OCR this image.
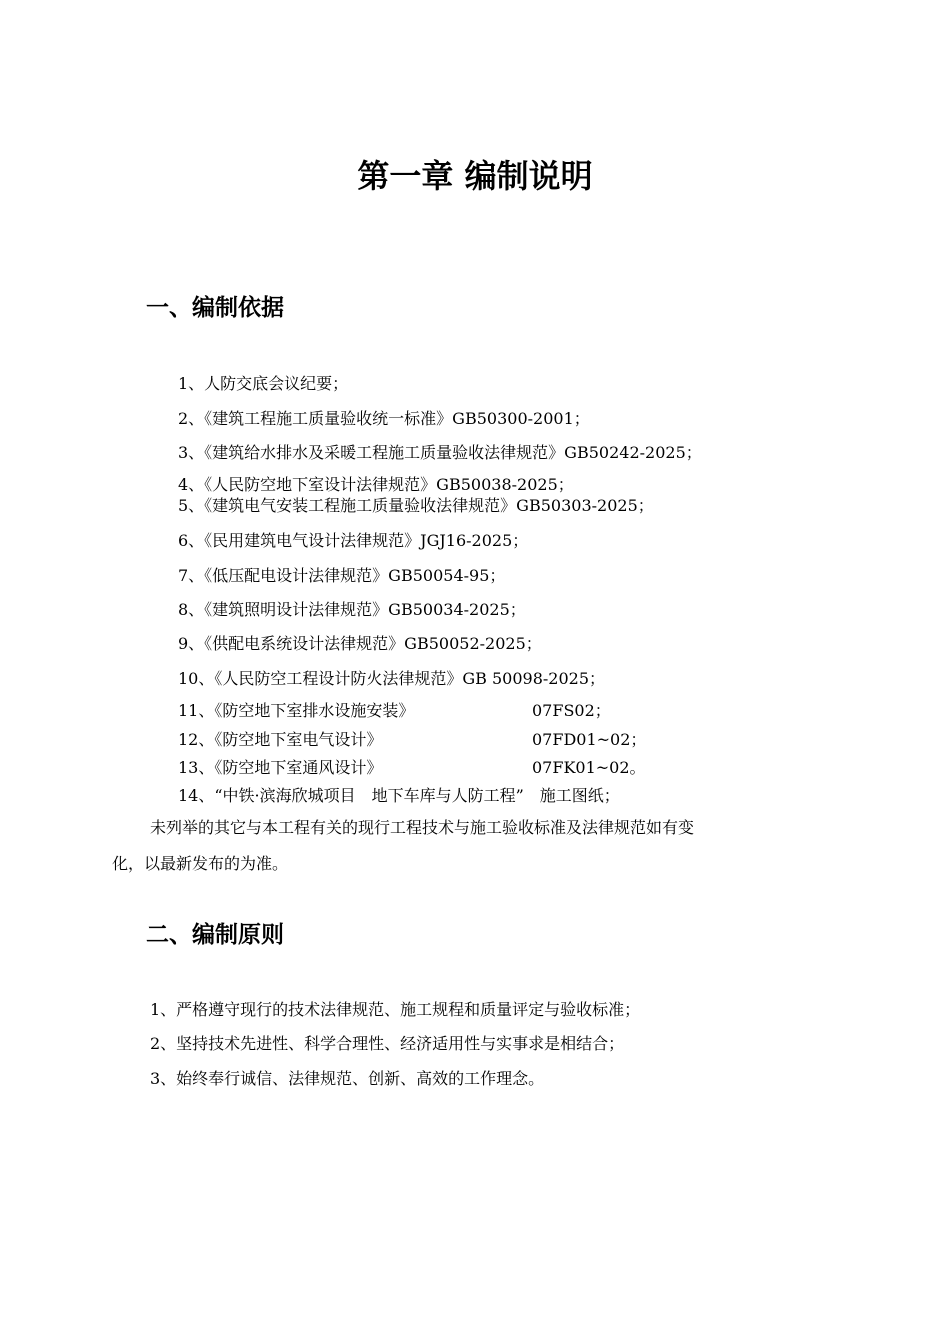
第一章 编制说明
一、编制依据
1、人防交底会议纪要；
2、《建筑工程施工质量验收统一标准》GB50300-2001；
3、《建筑给水排水及采暖工程施工质量验收法律规范》GB50242-2025；
4、《人民防空地下室设计法律规范》GB50038-2025；
5、《建筑电气安装工程施工质量验收法律规范》GB50303-2025；
6、《民用建筑电气设计法律规范》JGJ16-2025；
7、《低压配电设计法律规范》GB50054-95；
8、《建筑照明设计法律规范》GB50034-2025；
9、《供配电系统设计法律规范》GB50052-2025；
10、《人民防空工程设计防火法律规范》GB 50098-2025；
11、《防空地下室排水设施安装》	07FS02；
12、《防空地下室电气设计》	07FD01~02；
13、《防空地下室通风设计》	07FK01~02。
14、“中铁·滨海欣城项目　地下车库与人防工程”　施工图纸；
未列举的其它与本工程有关的现行工程技术与施工验收标准及法律规范如有变
化，以最新发布的为准。
二、编制原则
1、严格遵守现行的技术法律规范、施工规程和质量评定与验收标准；
2、坚持技术先进性、科学合理性、经济适用性与实事求是相结合；
3、始终奉行诚信、法律规范、创新、高效的工作理念。
